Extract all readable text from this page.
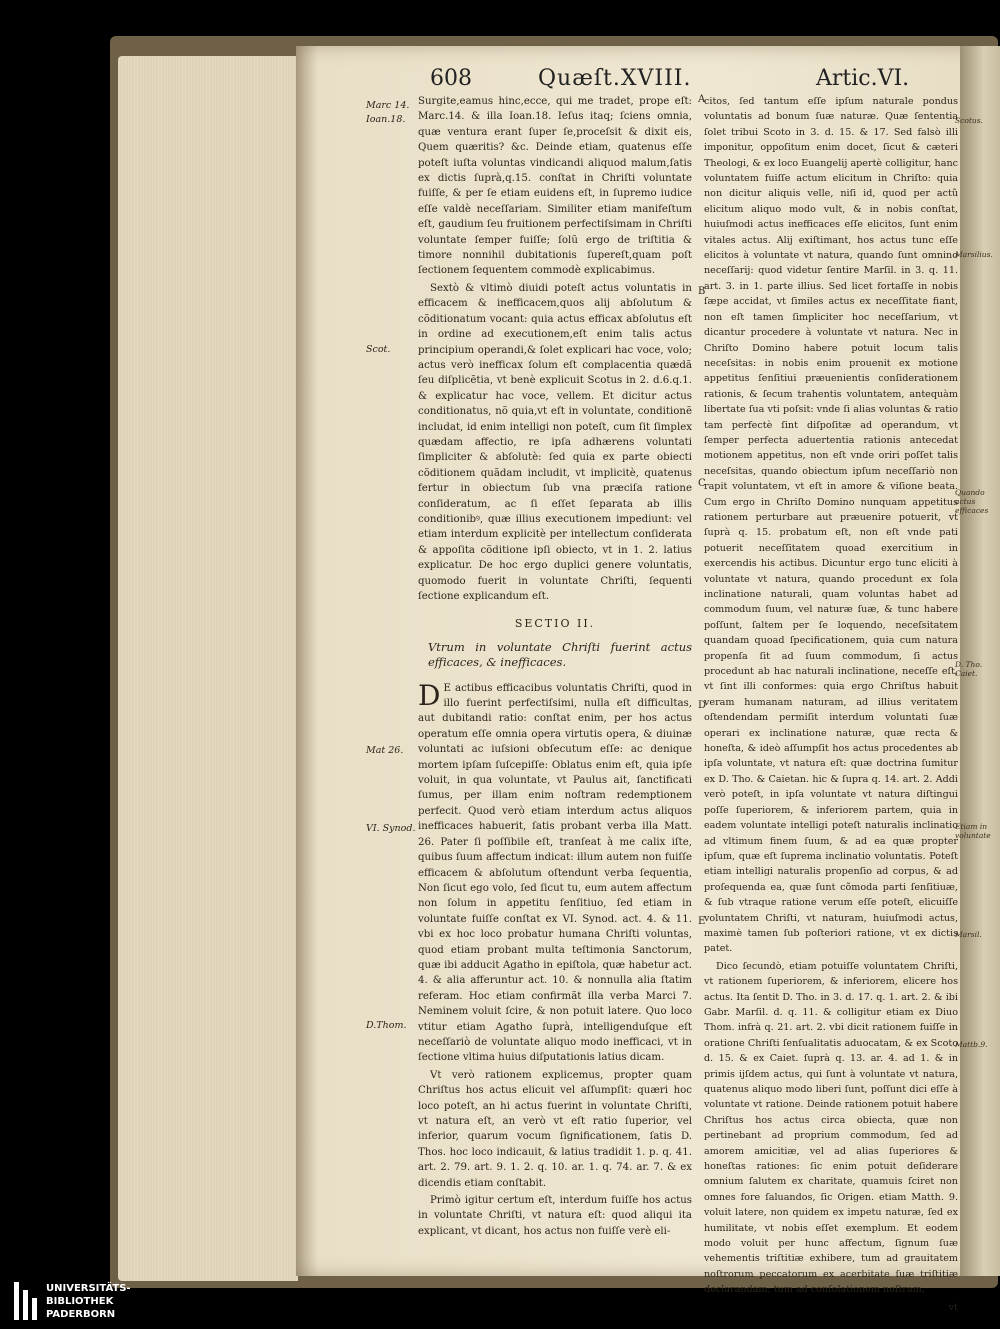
608	Quæſt.XVIII.	Artic.VI.
Marc 14.
Ioan.18.
Scot.
Mat 26.
VI. Synod.
D.Thom.
A
B
C
D
E
Scotus.
Marsilius.
Quando actus efficaces
D. Tho. Caiet.
Etiam in voluntate
Marsil.
Mattb.9.

Surgite,eamus hinc,ecce, qui me tradet, prope eſt: Marc.14. & illa Ioan.18. Ieſus itaq; ſciens omnia, quæ ventura erant ſuper ſe,proceſsit & dixit eis, Quem quæritis? &c. Deinde etiam, quatenus eſſe poteſt iuſta voluntas vindicandi aliquod malum,ſatis ex dictis ſuprà,q.15. conſtat in Chriſti voluntate fuiſſe, & per ſe etiam euidens eſt, in ſupremo iudice eſſe valdè neceſſariam. Similiter etiam manifeſtum eſt, gaudium ſeu fruitionem perfectiſsimam in Chriſti voluntate ſemper fuiſſe; ſolũ ergo de triſtitia & timore nonnihil dubitationis ſupereſt,quam poſt ſectionem ſequentem commodè explicabimus.

Sextò & vltimò diuidi poteſt actus voluntatis in efficacem & inefficacem,quos alij abſolutum & cõditionatum vocant: quia actus efficax abſolutus eſt in ordine ad executionem,eſt enim talis actus principium operandi,& ſolet explicari hac voce, volo; actus verò inefficax ſolum eſt complacentia quædã ſeu diſplicẽtia, vt benè explicuit Scotus in 2. d.6.q.1. & explicatur hac voce, vellem. Et dicitur actus conditionatus, nõ quia,vt eſt in voluntate, conditionẽ includat, id enim intelligi non poteſt, cum ſit ſimplex quædam affectio, re ipſa adhærens voluntati ſimpliciter & abſolutè: ſed quia ex parte obiecti cõditionem quãdam includit, vt implicitè, quatenus fertur in obiectum ſub vna præciſa ratione conſideratum, ac ſi eſſet ſeparata ab illis conditionibꝰ, quæ illius executionem impediunt: vel etiam interdum explicitè per intellectum conſiderata & appoſita cõditione ipſi obiecto, vt in 1. 2. latius explicatur. De hoc ergo duplici genere voluntatis, quomodo fuerit in voluntate Chriſti, ſequenti ſectione explicandum eſt.

SECTIO II.
Vtrum in voluntate Chriſti fuerint actus efficaces, & inefficaces.

D E actibus efficacibus voluntatis Chriſti, quod in illo fuerint perfectiſsimi, nulla eſt difficultas, aut dubitandi ratio: conſtat enim, per hos actus operatum eſſe omnia opera virtutis opera, & diuinæ voluntati ac iuſsioni obſecutum eſſe: ac denique mortem ipſam ſuſcepiſſe: Oblatus enim eſt, quia ipſe voluit, in qua voluntate, vt Paulus ait, ſanctificati ſumus, per illam enim noſtram redemptionem perfecit. Quod verò etiam interdum actus aliquos inefficaces habuerit, ſatis probant verba illa Matt. 26. Pater ſi poſſibile eſt, tranſeat à me calix iſte, quibus ſuum affectum indicat: illum autem non fuiſſe efficacem & abſolutum oſtendunt verba ſequentia, Non ſicut ego volo, ſed ſicut tu, eum autem affectum non ſolum in appetitu ſenſitiuo, ſed etiam in voluntate fuiſſe conſtat ex VI. Synod. act. 4. & 11. vbi ex hoc loco probatur humana Chriſti voluntas, quod etiam probant multa teſtimonia Sanctorum, quæ ibi adducit Agatho in epiſtola, quæ habetur act. 4. & alia afferuntur act. 10. & nonnulla alia ſtatim referam. Hoc etiam confirmãt illa verba Marci 7. Neminem voluit ſcire, & non potuit latere. Quo loco vtitur etiam Agatho ſuprà, intelligenduſque eſt neceſſariò de voluntate aliquo modo inefficaci, vt in ſectione vltima huius diſputationis latius dicam.

Vt verò rationem explicemus, propter quam Chriſtus hos actus elicuit vel aſſumpſit: quæri hoc loco poteſt, an hi actus fuerint in voluntate Chriſti, vt natura eſt, an verò vt eſt ratio ſuperior, vel inferior, quarum vocum ſignificationem, ſatis D. Thos. hoc loco indicauit, & latius tradidit 1. p. q. 41. art. 2. 79. art. 9. 1. 2. q. 10. ar. 1. q. 74. ar. 7. & ex dicendis etiam conſtabit.

Primò igitur certum eſt, interdum fuiſſe hos actus in voluntate Chriſti, vt natura eſt: quod aliqui ita explicant, vt dicant, hos actus non fuiſſe verè eli-

citos, ſed tantum eſſe ipſum naturale pondus voluntatis ad bonum ſuæ naturæ. Quæ ſententia ſolet tribui Scoto in 3. d. 15. & 17. Sed falsò illi imponitur, oppoſitum enim docet, ſicut & cæteri Theologi, & ex loco Euangelij apertè colligitur, hanc voluntatem fuiſſe actum elicitum in Chriſto: quia non dicitur aliquis velle, niſi id, quod per actũ elicitum aliquo modo vult, & in nobis conſtat, huiuſmodi actus inefficaces eſſe elicitos, ſunt enim vitales actus. Alij exiſtimant, hos actus tunc eſſe elicitos à voluntate vt natura, quando ſunt omnino neceſſarij: quod videtur ſentire Marſil. in 3. q. 11. art. 3. in 1. parte illius. Sed licet fortaſſe in nobis ſæpe accidat, vt ſimiles actus ex neceſſitate fiant, non eſt tamen ſimpliciter hoc neceſſarium, vt dicantur procedere à voluntate vt natura. Nec in Chriſto Domino habere potuit locum talis neceſsitas: in nobis enim prouenit ex motione appetitus ſenſitiui præuenientis conſiderationem rationis, & ſecum trahentis voluntatem, antequàm libertate ſua vti poſsit: vnde ſi alias voluntas & ratio tam perfectè ſint diſpoſitæ ad operandum, vt ſemper perfecta aduertentia rationis antecedat motionem appetitus, non eſt vnde oriri poſſet talis neceſsitas, quando obiectum ipſum neceſſariò non rapit voluntatem, vt eſt in amore & viſione beata. Cum ergo in Chriſto Domino nunquam appetitus rationem perturbare aut præuenire potuerit, vt ſuprà q. 15. probatum eſt, non eſt vnde pati potuerit neceſſitatem quoad exercitium in exercendis his actibus. Dicuntur ergo tunc eliciti à voluntate vt natura, quando procedunt ex ſola inclinatione naturali, quam voluntas habet ad commodum ſuum, vel naturæ ſuæ, & tunc habere poſſunt, ſaltem per ſe loquendo, neceſsitatem quandam quoad ſpecificationem, quia cum natura propenſa ſit ad ſuum commodum, ſi actus procedunt ab hac naturali inclinatione, neceſſe eſt, vt ſint illi conformes: quia ergo Chriſtus habuit veram humanam naturam, ad illius veritatem oſtendendam permiſit interdum voluntati ſuæ operari ex inclinatione naturæ, quæ recta & honeſta, & ideò aſſumpſit hos actus procedentes ab ipſa voluntate, vt natura eſt: quæ doctrina ſumitur ex D. Tho. & Caietan. hic & ſupra q. 14. art. 2. Addi verò poteſt, in ipſa voluntate vt natura diſtingui poſſe ſuperiorem, & inferiorem partem, quia in eadem voluntate intelligi poteſt naturalis inclinatio ad vltimum finem ſuum, & ad ea quæ propter ipſum, quæ eſt ſuprema inclinatio voluntatis. Poteſt etiam intelligi naturalis propenſio ad corpus, & ad proſequenda ea, quæ ſunt cõmoda parti ſenſitiuæ, & ſub vtraque ratione verum eſſe poteſt, elicuiſſe voluntatem Chriſti, vt naturam, huiuſmodi actus, maximè tamen ſub poſteriori ratione, vt ex dictis patet.

Dico ſecundò, etiam potuiſſe voluntatem Chriſti, vt rationem ſuperiorem, & inferiorem, elicere hos actus. Ita ſentit D. Tho. in 3. d. 17. q. 1. art. 2. & ibi Gabr. Marſil. d. q. 11. & colligitur etiam ex Diuo Thom. infrà q. 21. art. 2. vbi dicit rationem fuiſſe in oratione Chriſti ſenſualitatis aduocatam, & ex Scoto d. 15. & ex Caiet. ſuprà q. 13. ar. 4. ad 1. & in primis ijſdem actus, qui ſunt à voluntate vt natura, quatenus aliquo modo liberi ſunt, poſſunt dici eſſe à voluntate vt ratione. Deinde rationem potuit habere Chriſtus hos actus circa obiecta, quæ non pertinebant ad proprium commodum, ſed ad amorem amicitiæ, vel ad alias ſuperiores & honeſtas rationes: ſic enim potuit deſiderare omnium ſalutem ex charitate, quamuis ſciret non omnes fore ſaluandos, ſic Origen. etiam Matth. 9. voluit latere, non quidem ex impetu naturæ, ſed ex humilitate, vt nobis eſſet exemplum. Et eodem modo voluit per hunc affectum, ſignum ſuæ vehementis triſtitiæ exhibere, tum ad grauitatem noſtrorum peccatorum ex acerbitate ſuæ triſtitiæ declarandam; tum ad conſolationem noſtram,

vt

UNIVERSITÄTS-
BIBLIOTHEK
PADERBORN
